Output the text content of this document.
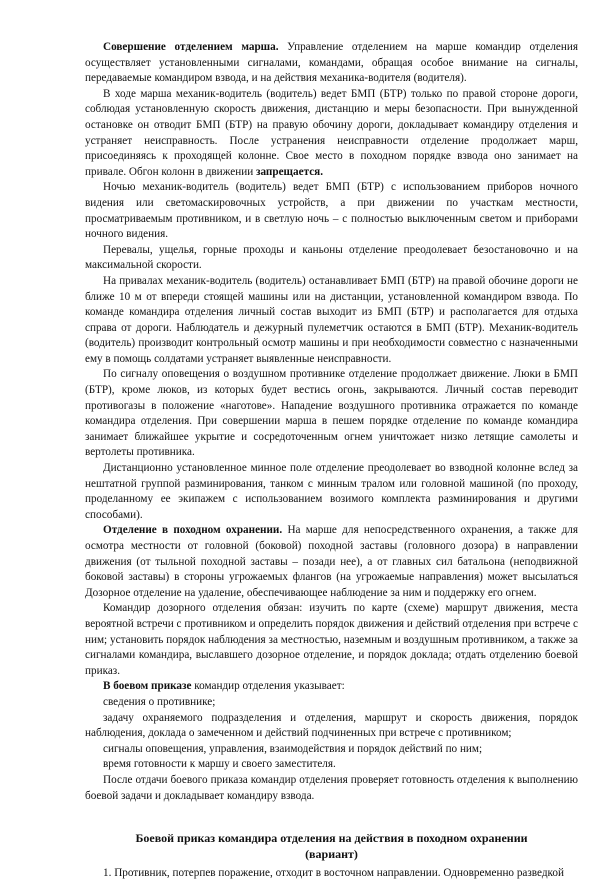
Совершение отделением марша. Управление отделением на марше командир отделения осуществляет установленными сигналами, командами, обращая особое внимание на сигналы, передаваемые командиром взвода, и на действия механика-водителя (водителя).

В ходе марша механик-водитель (водитель) ведет БМП (БТР) только по правой стороне дороги, соблюдая установленную скорость движения, дистанцию и меры безопасности. При вынужденной остановке он отводит БМП (БТР) на правую обочину дороги, докладывает командиру отделения и устраняет неисправность. После устранения неисправности отделение продолжает марш, присоединяясь к проходящей колонне. Свое место в походном порядке взвода оно занимает на привале. Обгон колонн в движении запрещается.

Ночью механик-водитель (водитель) ведет БМП (БТР) с использованием приборов ночного видения или светомаскировочных устройств, а при движении по участкам местности, просматриваемым противником, и в светлую ночь – с полностью выключенным светом и приборами ночного видения.

Перевалы, ущелья, горные проходы и каньоны отделение преодолевает безостановочно и на максимальной скорости.

На привалах механик-водитель (водитель) останавливает БМП (БТР) на правой обочине дороги не ближе 10 м от впереди стоящей машины или на дистанции, установленной командиром взвода. По команде командира отделения личный состав выходит из БМП (БТР) и располагается для отдыха справа от дороги. Наблюдатель и дежурный пулеметчик остаются в БМП (БТР). Механик-водитель (водитель) производит контрольный осмотр машины и при необходимости совместно с назначенными ему в помощь солдатами устраняет выявленные неисправности.

По сигналу оповещения о воздушном противнике отделение продолжает движение. Люки в БМП (БТР), кроме люков, из которых будет вестись огонь, закрываются. Личный состав переводит противогазы в положение «наготове». Нападение воздушного противника отражается по команде командира отделения. При совершении марша в пешем порядке отделение по команде командира занимает ближайшее укрытие и сосредоточенным огнем уничтожает низко летящие самолеты и вертолеты противника.

Дистанционно установленное минное поле отделение преодолевает во взводной колонне вслед за нештатной группой разминирования, танком с минным тралом или головной машиной (по проходу, проделанному ее экипажем с использованием возимого комплекта разминирования и другими способами).

Отделение в походном охранении. На марше для непосредственного охранения, а также для осмотра местности от головной (боковой) походной заставы (головного дозора) в направлении движения (от тыльной походной заставы – позади нее), а от главных сил батальона (неподвижной боковой заставы) в стороны угрожаемых флангов (на угрожаемые направления) может высылаться Дозорное отделение на удаление, обеспечивающее наблюдение за ним и поддержку его огнем.

Командир дозорного отделения обязан: изучить по карте (схеме) маршрут движения, места вероятной встречи с противником и определить порядок движения и действий отделения при встрече с ним; установить порядок наблюдения за местностью, наземным и воздушным противником, а также за сигналами командира, выславшего дозорное отделение, и порядок доклада; отдать отделению боевой приказ.

В боевом приказе командир отделения указывает:

сведения о противнике;

задачу охраняемого подразделения и отделения, маршрут и скорость движения, порядок наблюдения, доклада о замеченном и действий подчиненных при встрече с противником;

сигналы оповещения, управления, взаимодействия и порядок действий по ним;

время готовности к маршу и своего заместителя.

После отдачи боевого приказа командир отделения проверяет готовность отделения к выполнению боевой задачи и докладывает командиру взвода.

Боевой приказ командира отделения на действия в походном охранении
(вариант)

1. Противник, потерпев поражение, отходит в восточном направлении. Одновременно разведкой
